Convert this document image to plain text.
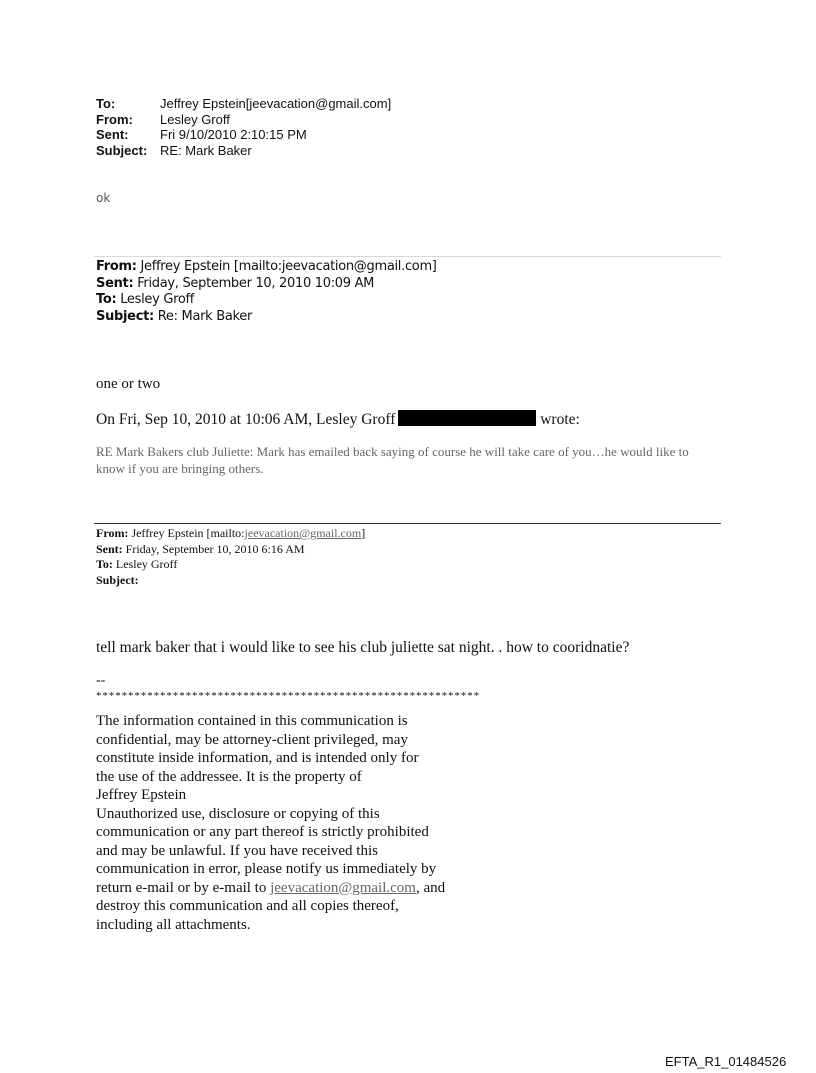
To:	Jeffrey Epstein[jeevacation@gmail.com]
From:	Lesley Groff
Sent:	Fri 9/10/2010 2:10:15 PM
Subject: RE: Mark Baker
ok
From: Jeffrey Epstein [mailto:jeevacation@gmail.com]
Sent: Friday, September 10, 2010 10:09 AM
To: Lesley Groff
Subject: Re: Mark Baker
one or two
On Fri, Sep 10, 2010 at 10:06 AM, Lesley Groff	wrote:
RE Mark Bakers club Juliette: Mark has emailed back saying of course he will take care of you…he would like to know if you are bringing others.
From: Jeffrey Epstein [mailto:jeevacation@gmail.com]
Sent: Friday, September 10, 2010 6:16 AM
To: Lesley Groff
Subject:
tell mark baker that i would like to see his club juliette sat night. . how to cooridnatie?
--
************************************************************

The information contained in this communication is

confidential, may be attorney-client privileged, may

constitute inside information, and is intended only for

the use of the addressee. It is the property of

Jeffrey Epstein

Unauthorized use, disclosure or copying of this

communication or any part thereof is strictly prohibited

and may be unlawful. If you have received this

communication in error, please notify us immediately by

return e-mail or by e-mail to jeevacation@gmail.com, and

destroy this communication and all copies thereof,

including all attachments.

EFTA_R1_01484526
